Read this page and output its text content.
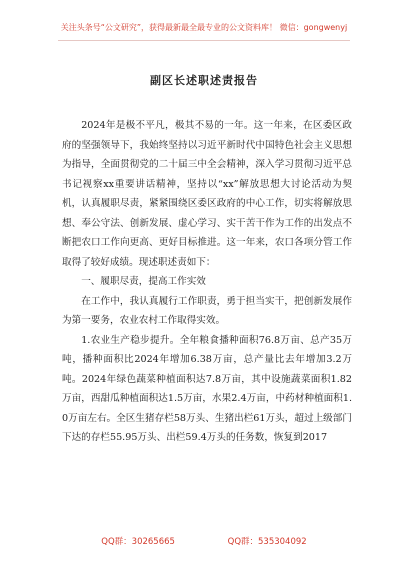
关注头条号“公文研究”，获得最新最全最专业的公文资料库！ 微信：gongwenyj
副区长述职述责报告

2024年是极不平凡，极其不易的一年。这一年来，在区委区政府的坚强领导下，我始终坚持以习近平新时代中国特色社会主义思想为指导，全面贯彻党的二十届三中全会精神，深入学习贯彻习近平总书记视察xx重要讲话精神，坚持以“xx”解放思想大讨论活动为契机，认真履职尽责，紧紧围绕区委区政府的中心工作，切实将解放思想、奉公守法、创新发展、虚心学习、实干苦干作为工作的出发点不断把农口工作向更高、更好目标推进。这一年来，农口各项分管工作取得了较好成绩。现述职述责如下：

一、履职尽责，提高工作实效

在工作中，我认真履行工作职责，勇于担当实干，把创新发展作为第一要务，农业农村工作取得实效。

1.农业生产稳步提升。全年粮食播种面积76.8万亩、总产35万吨，播种面积比2024年增加6.38万亩，总产量比去年增加3.2万吨。2024年绿色蔬菜种植面积达7.8万亩，其中设施蔬菜面积1.82万亩，西甜瓜种植面积达1.5万亩，水果2.4万亩，中药材种植面积1.0万亩左右。全区生猪存栏58万头、生猪出栏61万头，超过上级部门下达的存栏55.95万头、出栏59.4万头的任务数，恢复到2017

QQ群：30265665	QQ群：535304092
